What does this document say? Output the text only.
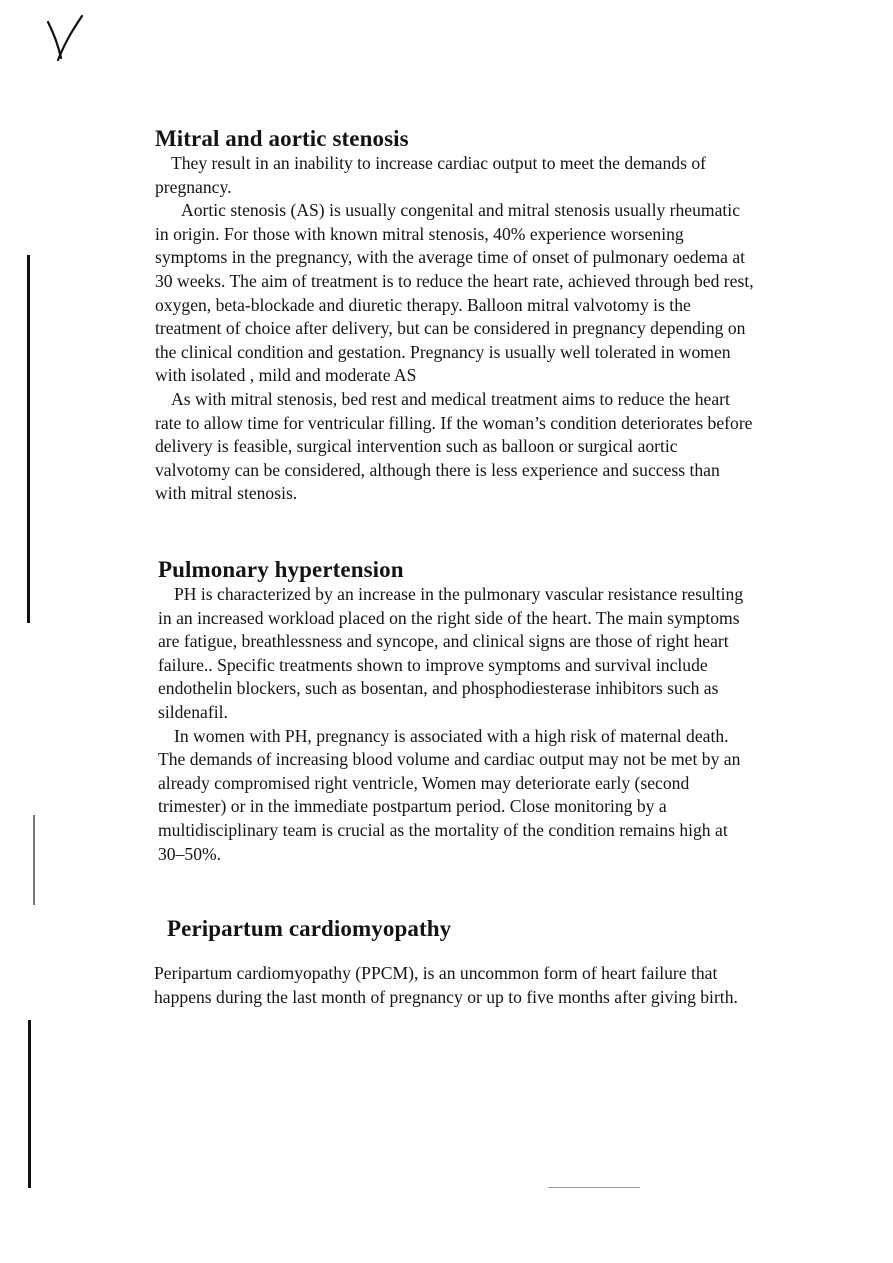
Mitral and aortic stenosis

They result in an inability to increase cardiac output to meet the demands of pregnancy.

Aortic stenosis (AS) is usually congenital and mitral stenosis usually rheumatic in origin. For those with known mitral stenosis, 40% experience worsening symptoms in the pregnancy, with the average time of onset of pulmonary oedema at 30 weeks. The aim of treatment is to reduce the heart rate, achieved through bed rest, oxygen, beta-blockade and diuretic therapy. Balloon mitral valvotomy is the treatment of choice after delivery, but can be considered in pregnancy depending on the clinical condition and gestation. Pregnancy is usually well tolerated in women with isolated , mild and moderate AS

As with mitral stenosis, bed rest and medical treatment aims to reduce the heart rate to allow time for ventricular filling. If the woman’s condition deteriorates before delivery is feasible, surgical intervention such as balloon or surgical aortic valvotomy can be considered, although there is less experience and success than with mitral stenosis.

Pulmonary hypertension

PH is characterized by an increase in the pulmonary vascular resistance resulting in an increased workload placed on the right side of the heart. The main symptoms are fatigue, breathlessness and syncope, and clinical signs are those of right heart failure.. Specific treatments shown to improve symptoms and survival include endothelin blockers, such as bosentan, and phosphodiesterase inhibitors such as sildenafil.

In women with PH, pregnancy is associated with a high risk of maternal death. The demands of increasing blood volume and cardiac output may not be met by an already compromised right ventricle, Women may deteriorate early (second trimester) or in the immediate postpartum period. Close monitoring by a multidisciplinary team is crucial as the mortality of the condition remains high at 30–50%.

Peripartum cardiomyopathy

Peripartum cardiomyopathy (PPCM), is an uncommon form of heart failure that happens during the last month of pregnancy or up to five months after giving birth.
